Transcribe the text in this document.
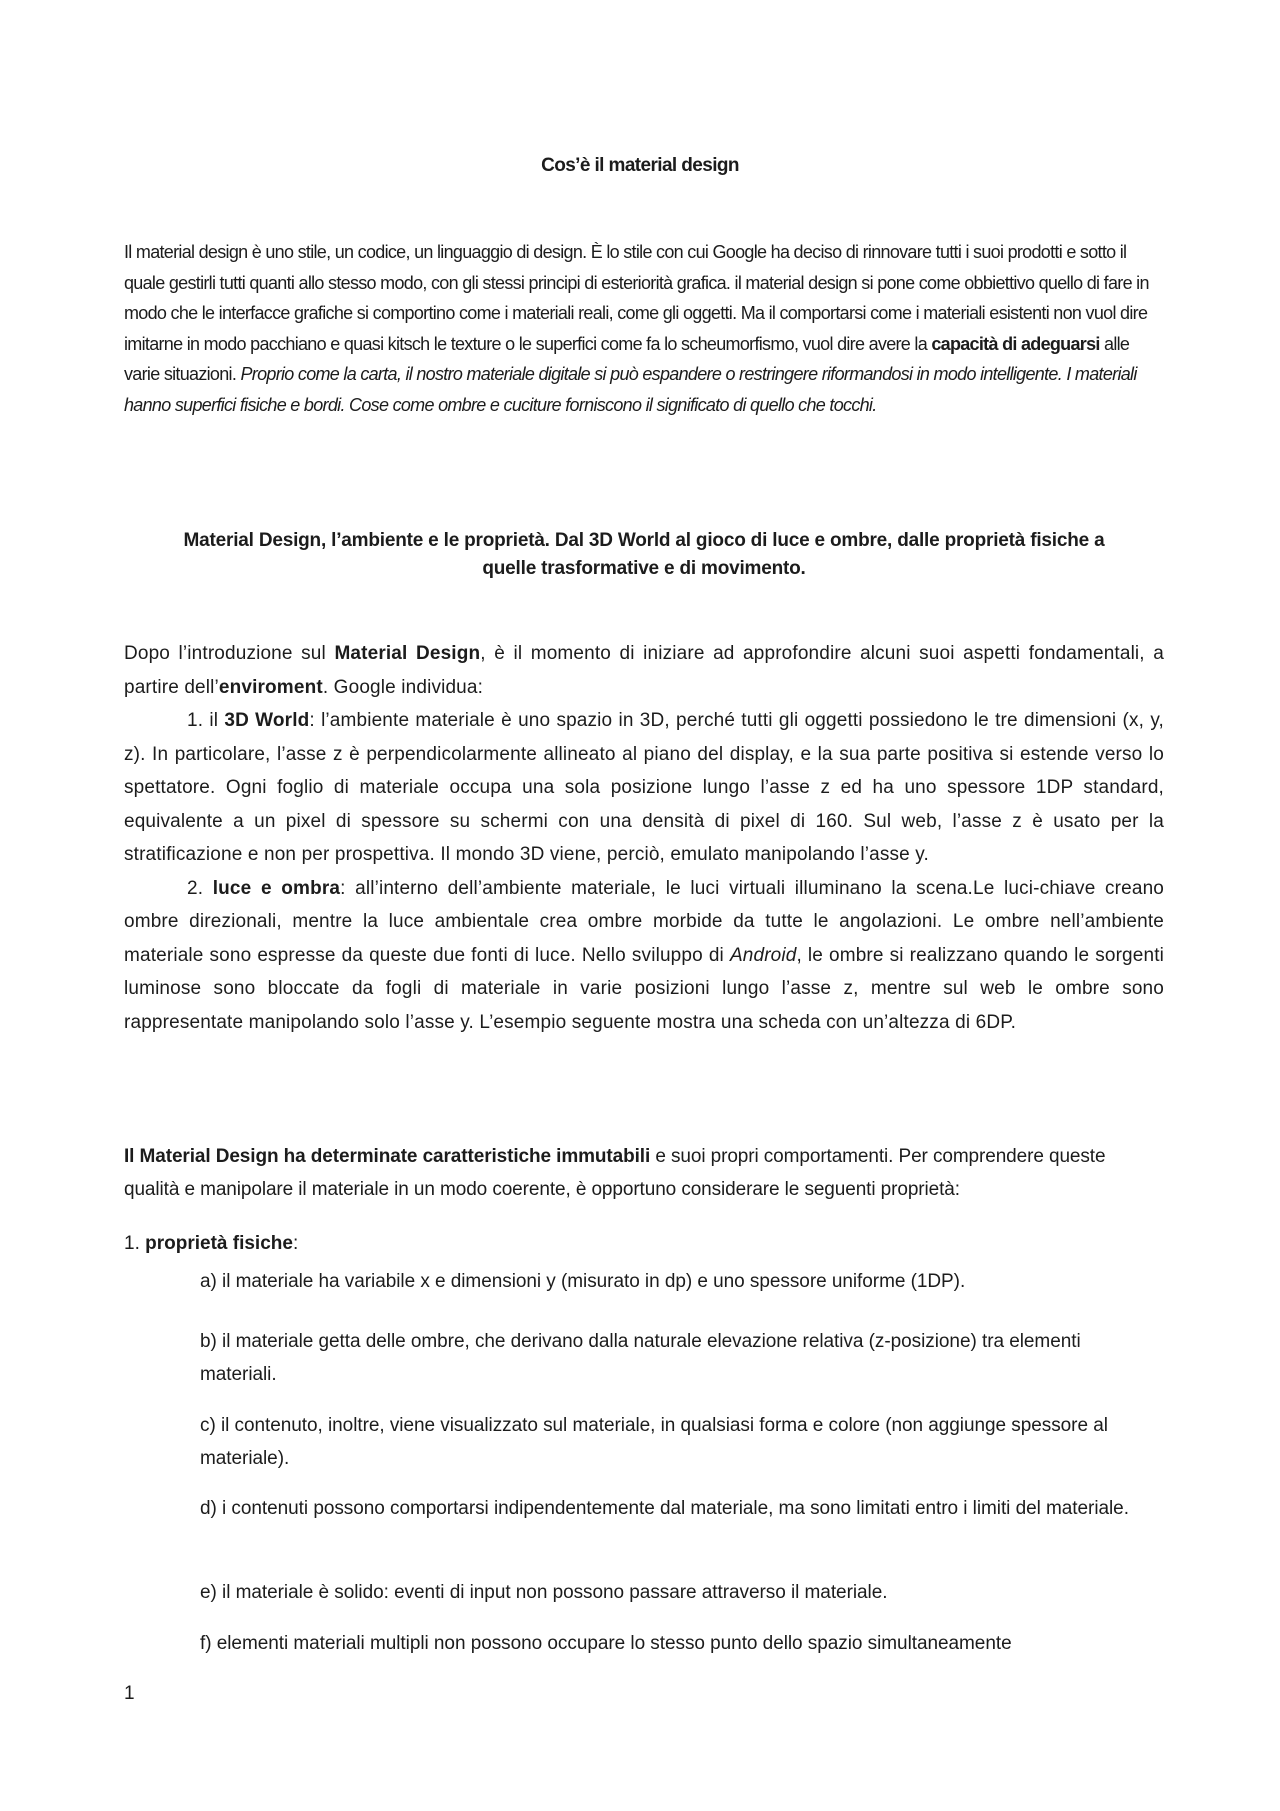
Cos’è il material design

Il material design è uno stile, un codice, un linguaggio di design. È lo stile con cui Google ha deciso di rinnovare tutti i suoi prodotti e sotto il quale gestirli tutti quanti allo stesso modo, con gli stessi principi di esteriorità grafica. il material design si pone come obbiettivo quello di fare in modo che le interfacce grafiche si comportino come i materiali reali, come gli oggetti. Ma il comportarsi come i materiali esistenti non vuol dire imitarne in modo pacchiano e quasi kitsch le texture o le superfici come fa lo scheumorfismo, vuol dire avere la capacità di adeguarsi alle varie situazioni. Proprio come la carta, il nostro materiale digitale si può espandere o restringere riformandosi in modo intelligente. I materiali hanno superfici fisiche e bordi. Cose come ombre e cuciture forniscono il significato di quello che tocchi.

Material Design, l’ambiente e le proprietà. Dal 3D World al gioco di luce e ombre, dalle proprietà fisiche a
quelle trasformative e di movimento.
Dopo l’introduzione sul Material Design, è il momento di iniziare ad approfondire alcuni suoi aspetti fondamentali, a partire dell’enviroment. Google individua:
1. il 3D World: l’ambiente materiale è uno spazio in 3D, perché tutti gli oggetti possiedono le tre dimensioni (x, y, z). In particolare, l’asse z è perpendicolarmente allineato al piano del display, e la sua parte positiva si estende verso lo spettatore. Ogni foglio di materiale occupa una sola posizione lungo l’asse z ed ha uno spessore 1DP standard, equivalente a un pixel di spessore su schermi con una densità di pixel di 160. Sul web, l’asse z è usato per la stratificazione e non per prospettiva. Il mondo 3D viene, perciò, emulato manipolando l’asse y.
2. luce e ombra: all’interno dell’ambiente materiale, le luci virtuali illuminano la scena.Le luci-chiave creano ombre direzionali, mentre la luce ambientale crea ombre morbide da tutte le angolazioni. Le ombre nell’ambiente materiale sono espresse da queste due fonti di luce. Nello sviluppo di Android, le ombre si realizzano quando le sorgenti luminose sono bloccate da fogli di materiale in varie posizioni lungo l’asse z, mentre sul web le ombre sono rappresentate manipolando solo l’asse y. L’esempio seguente mostra una scheda con un’altezza di 6DP.

Il Material Design ha determinate caratteristiche immutabili e suoi propri comportamenti. Per comprendere queste qualità e manipolare il materiale in un modo coerente, è opportuno considerare le seguenti proprietà:

1. proprietà fisiche:

a) il materiale ha variabile x e dimensioni y (misurato in dp) e uno spessore uniforme (1DP).

b) il materiale getta delle ombre, che derivano dalla naturale elevazione relativa (z-posizione) tra elementi materiali.

c) il contenuto, inoltre, viene visualizzato sul materiale, in qualsiasi forma e colore (non aggiunge spessore al materiale).

d) i contenuti possono comportarsi indipendentemente dal materiale, ma sono limitati entro i limiti del materiale.

e) il materiale è solido: eventi di input non possono passare attraverso il materiale.

f) elementi materiali multipli non possono occupare lo stesso punto dello spazio simultaneamente

1
